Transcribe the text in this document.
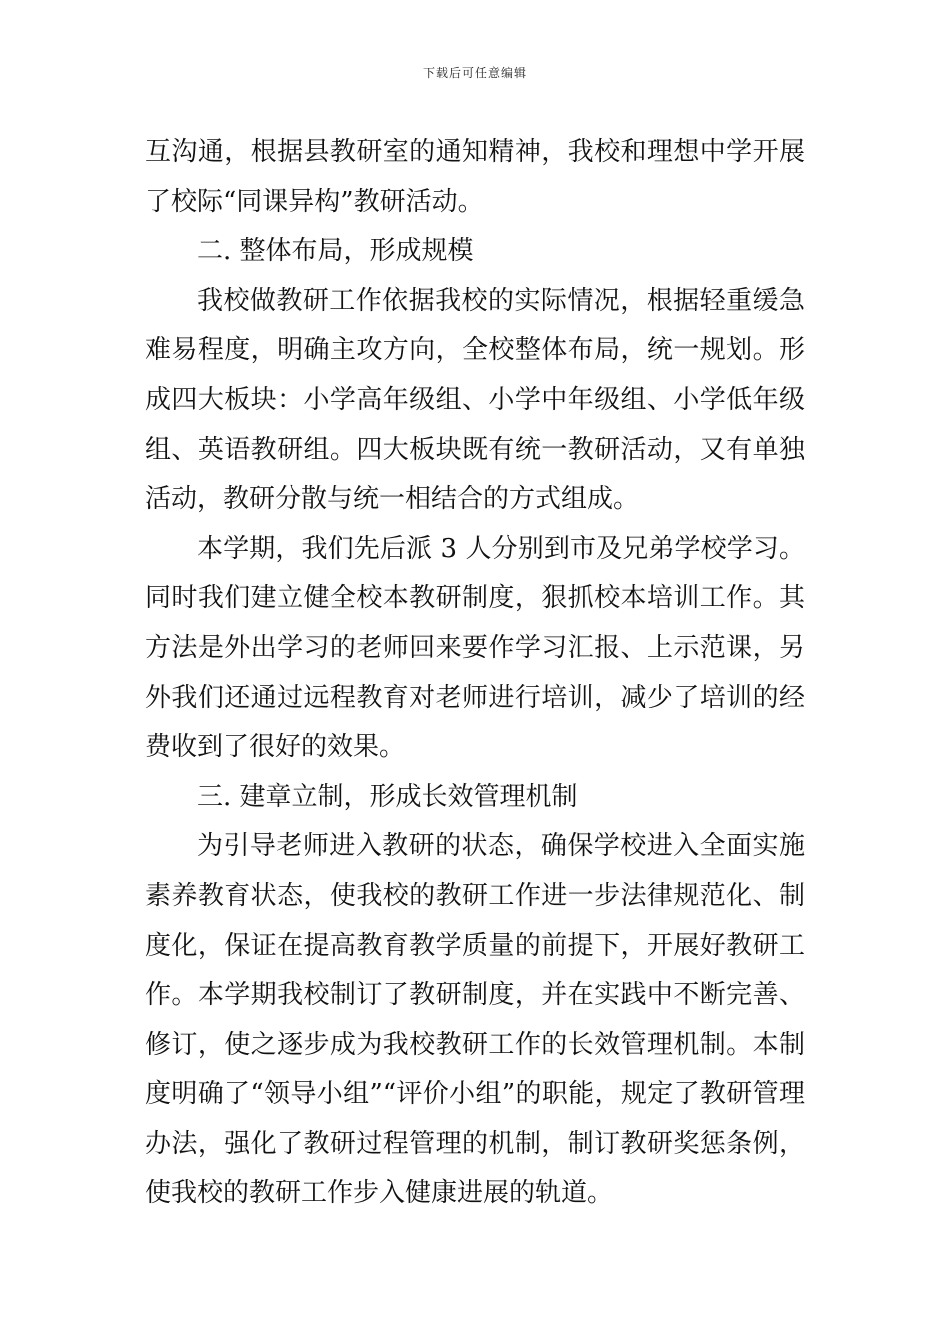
下载后可任意编辑

互沟通，根据县教研室的通知精神，我校和理想中学开展了校际“同课异构”教研活动。

二. 整体布局，形成规模

我校做教研工作依据我校的实际情况，根据轻重缓急难易程度，明确主攻方向，全校整体布局，统一规划。形成四大板块：小学高年级组、小学中年级组、小学低年级组、英语教研组。四大板块既有统一教研活动，又有单独活动，教研分散与统一相结合的方式组成。

本学期，我们先后派 3 人分别到市及兄弟学校学习。同时我们建立健全校本教研制度，狠抓校本培训工作。其方法是外出学习的老师回来要作学习汇报、上示范课，另外我们还通过远程教育对老师进行培训，减少了培训的经费收到了很好的效果。

三. 建章立制，形成长效管理机制

为引导老师进入教研的状态，确保学校进入全面实施素养教育状态，使我校的教研工作进一步法律规范化、制度化，保证在提高教育教学质量的前提下，开展好教研工作。本学期我校制订了教研制度，并在实践中不断完善、修订，使之逐步成为我校教研工作的长效管理机制。本制度明确了“领导小组”“评价小组”的职能，规定了教研管理办法，强化了教研过程管理的机制，制订教研奖惩条例，使我校的教研工作步入健康进展的轨道。
